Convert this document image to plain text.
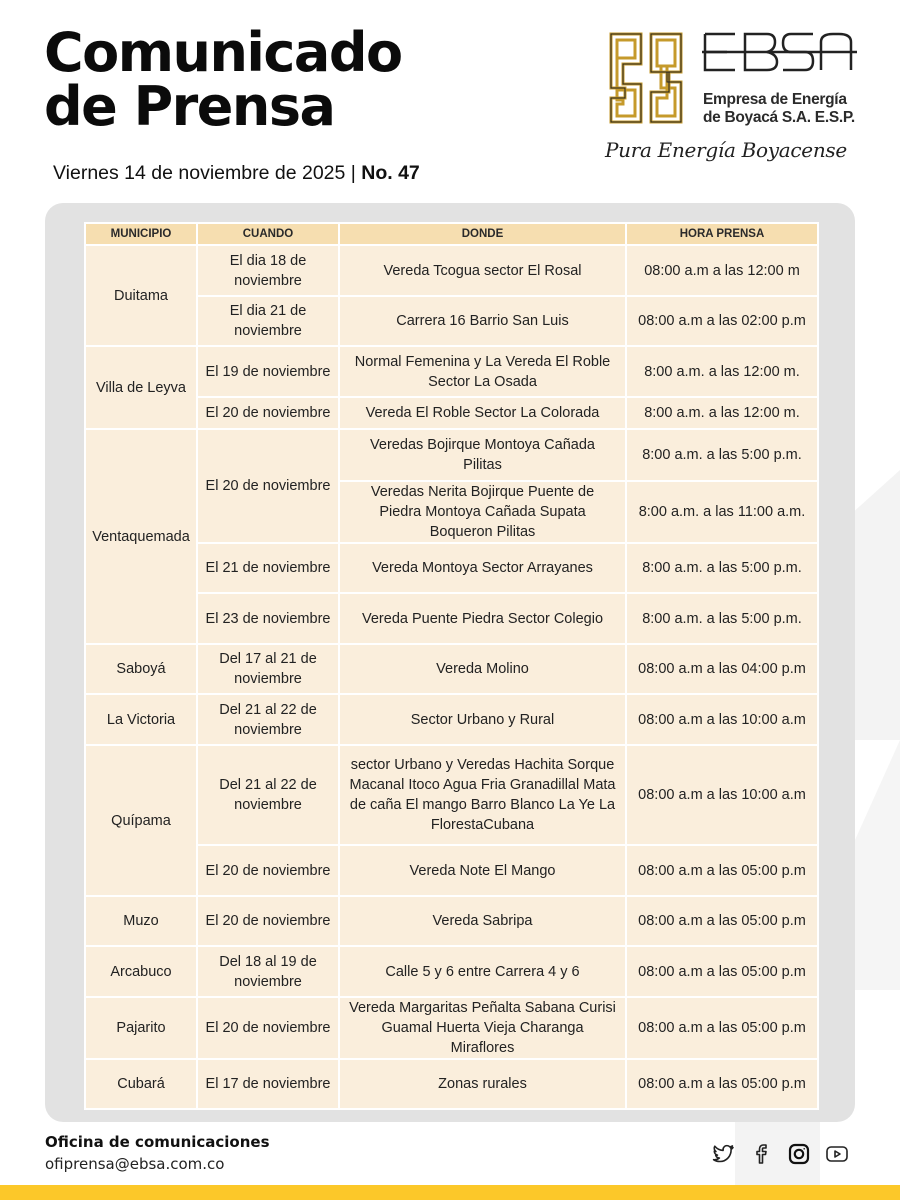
Comunicado
de Prensa
Viernes 14 de noviembre de 2025 | No. 47
Empresa de Energía
de Boyacá S.A. E.S.P.
Pura Energía Boyacense
MUNICIPIO	CUANDO	DONDE	HORA PRENSA
Duitama	El dia 18 de noviembre	Vereda Tcogua sector El Rosal	08:00 a.m a las 12:00 m
	El dia 21 de noviembre	Carrera 16 Barrio San Luis	08:00 a.m a las 02:00 p.m
Villa de Leyva	El 19 de noviembre	Normal Femenina y La Vereda El Roble Sector La Osada	8:00 a.m. a las 12:00 m.
	El 20 de noviembre	Vereda El Roble Sector La Colorada	8:00 a.m. a las 12:00 m.
Ventaquemada	El 20 de noviembre	Veredas Bojirque Montoya Cañada Pilitas	8:00 a.m. a las 5:00 p.m.
		Veredas Nerita Bojirque Puente de Piedra Montoya Cañada Supata Boqueron Pilitas	8:00 a.m. a las 11:00 a.m.
	El 21 de noviembre	Vereda Montoya Sector Arrayanes	8:00 a.m. a las 5:00 p.m.
	El 23 de noviembre	Vereda Puente Piedra Sector Colegio	8:00 a.m. a las 5:00 p.m.
Saboyá	Del 17 al 21 de noviembre	Vereda Molino	08:00 a.m a las 04:00 p.m
La Victoria	Del 21 al 22 de noviembre	Sector Urbano y Rural	08:00 a.m a las 10:00 a.m
Quípama	Del 21 al 22 de noviembre	sector Urbano y Veredas Hachita Sorque Macanal Itoco Agua Fria Granadillal Mata de caña El mango Barro Blanco La Ye La FlorestaCubana	08:00 a.m a las 10:00 a.m
	El 20 de noviembre	Vereda Note El Mango	08:00 a.m a las 05:00 p.m
Muzo	El 20 de noviembre	Vereda Sabripa	08:00 a.m a las 05:00 p.m
Arcabuco	Del 18 al 19 de noviembre	Calle 5 y 6 entre Carrera 4 y 6	08:00 a.m a las 05:00 p.m
Pajarito	El 20 de noviembre	Vereda Margaritas Peñalta Sabana Curisi Guamal Huerta Vieja Charanga Miraflores	08:00 a.m a las 05:00 p.m
Cubará	El 17 de noviembre	Zonas rurales	08:00 a.m a las 05:00 p.m
Oficina de comunicaciones
ofiprensa@ebsa.com.co
